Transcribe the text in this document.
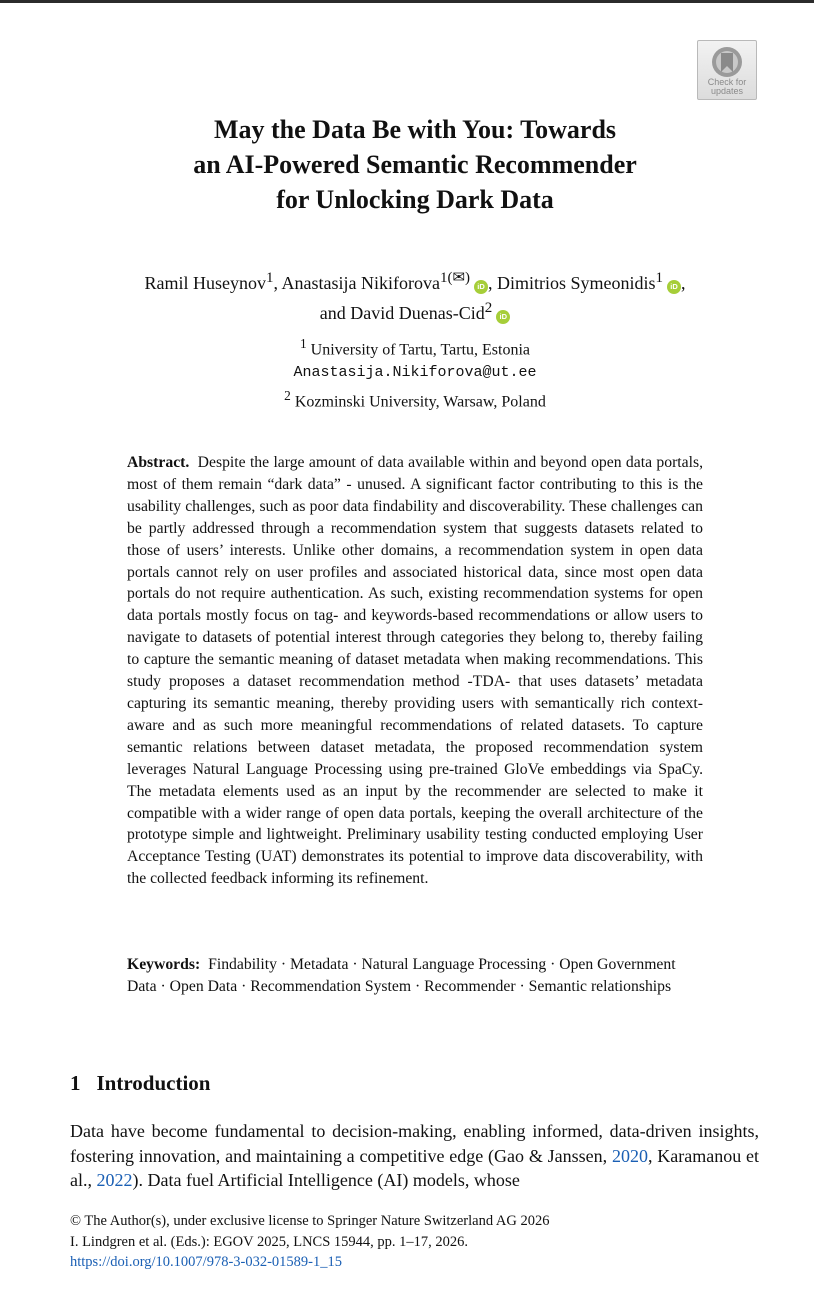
Check for
updates
May the Data Be with You: Towards
an AI-Powered Semantic Recommender
for Unlocking Dark Data
Ramil Huseynov$^1$, Anastasija Nikiforova$^{1(✉)}$iD , Dimitrios Symeonidis$^1$iD ,
and David Duenas-Cid$^2$iD
$^1$ University of Tartu, Tartu, Estonia
Anastasija.Nikiforova@ut.ee
$^2$ Kozminski University, Warsaw, Poland

Abstract. Despite the large amount of data available within and beyond open data portals, most of them remain “dark data” - unused. A significant factor contributing to this is the usability challenges, such as poor data findability and discoverability. These challenges can be partly addressed through a recommendation system that suggests datasets related to those of users’ interests. Unlike other domains, a recommendation system in open data portals cannot rely on user profiles and associated historical data, since most open data portals do not require authentication. As such, existing recommendation systems for open data portals mostly focus on tag- and keywords-based recommendations or allow users to navigate to datasets of potential interest through categories they belong to, thereby failing to capture the semantic meaning of dataset metadata when making recommendations. This study proposes a dataset recommendation method -TDA- that uses datasets’ metadata capturing its semantic meaning, thereby providing users with semantically rich context-aware and as such more meaningful recommendations of related datasets. To capture semantic relations between dataset metadata, the proposed recommendation system leverages Natural Language Processing using pre-trained GloVe embeddings via SpaCy. The metadata elements used as an input by the recommender are selected to make it compatible with a wider range of open data portals, keeping the overall architecture of the prototype simple and lightweight. Preliminary usability testing conducted employing User Acceptance Testing (UAT) demonstrates its potential to improve data discoverability, with the collected feedback informing its refinement.

Keywords: Findability · Metadata · Natural Language Processing · Open Government Data · Open Data · Recommendation System · Recommender · Semantic relationships

1 Introduction

Data have become fundamental to decision-making, enabling informed, data-driven insights, fostering innovation, and maintaining a competitive edge (Gao & Janssen, 2020, Karamanou et al., 2022). Data fuel Artificial Intelligence (AI) models, whose

© The Author(s), under exclusive license to Springer Nature Switzerland AG 2026
I. Lindgren et al. (Eds.): EGOV 2025, LNCS 15944, pp. 1–17, 2026.
https://doi.org/10.1007/978-3-032-01589-1_15
